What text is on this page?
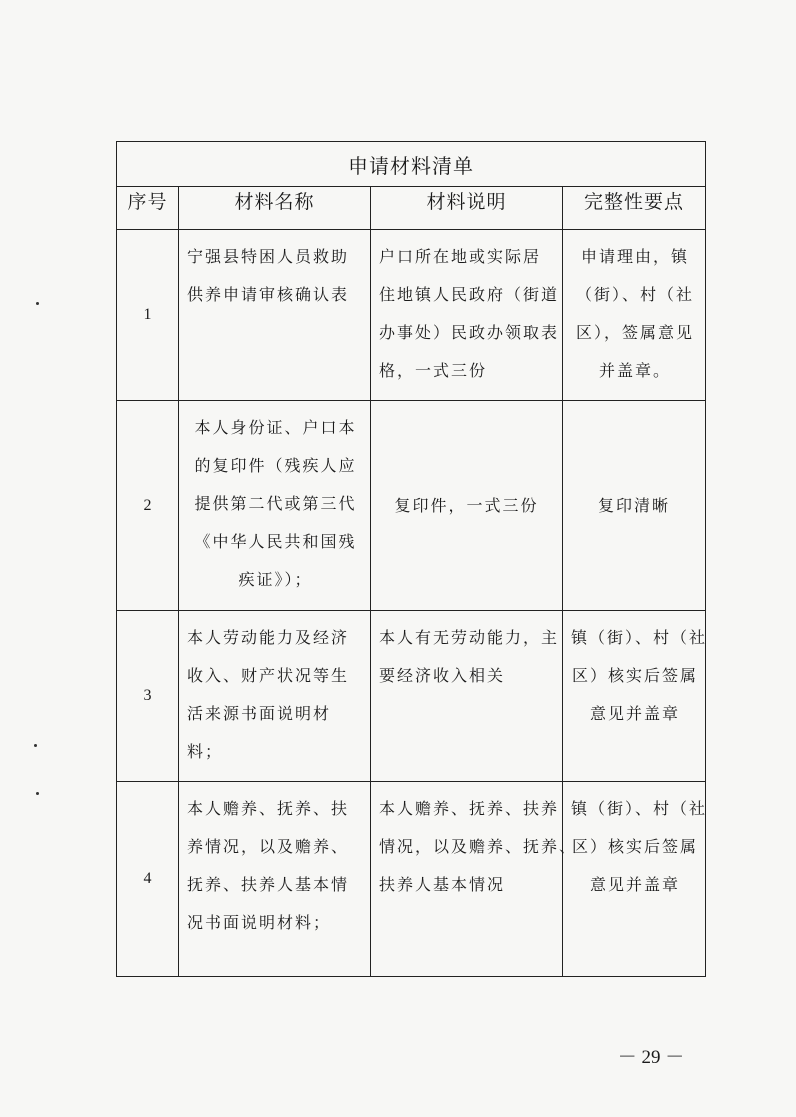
申请材料清单			
序号	材料名称	材料说明	完整性要点
1	宁强县特困人员救助
供养申请审核确认表	户口所在地或实际居
住地镇人民政府（街道
办事处）民政办领取表
格，一式三份	申请理由，镇
（街）、村（社
区），签属意见
并盖章。

2	本人身份证、户口本
的复印件（残疾人应
提供第二代或第三代
《中华人民共和国残
疾证》）；	复印件，一式三份	复印清晰

3	本人劳动能力及经济
收入、财产状况等生
活来源书面说明材
料；	本人有无劳动能力，主
要经济收入相关	镇（街）、村（社
区）核实后签属
意见并盖章

4	本人赡养、抚养、扶
养情况，以及赡养、
抚养、扶养人基本情
况书面说明材料；	本人赡养、抚养、扶养
情况，以及赡养、抚养、
扶养人基本情况	镇（街）、村（社
区）核实后签属
意见并盖章
－ 29 －
